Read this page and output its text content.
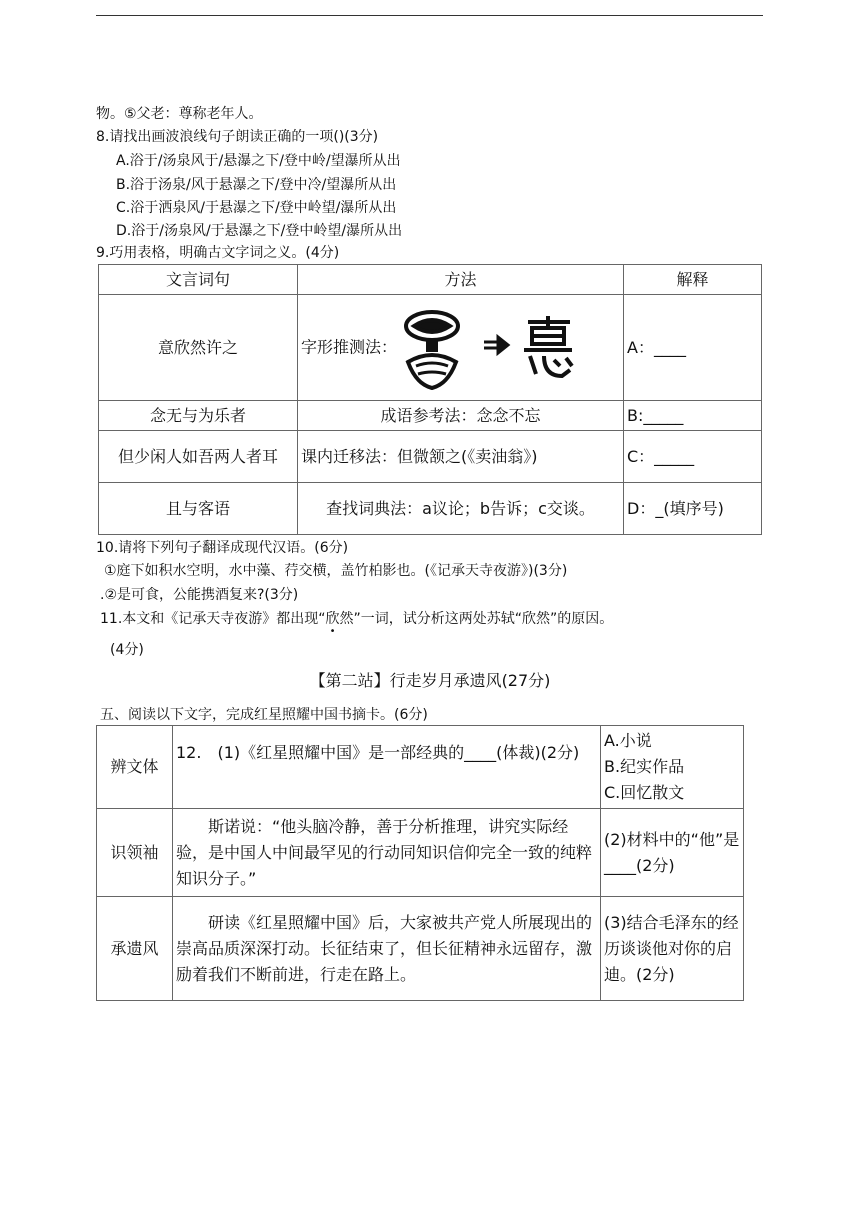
物。⑤父老：尊称老年人。
8.请找出画波浪线句子朗读正确的一项()(3分)
A.浴于/汤泉风于/悬瀑之下/登中岭/望瀑所从出
B.浴于汤泉/风于悬瀑之下/登中冷/望瀑所从出
C.浴于洒泉风/于悬瀑之下/登中岭望/瀑所从出
D.浴于/汤泉风/于悬瀑之下/登中岭望/瀑所从出
9.巧用表格，明确古文字词之义。(4分)
文言词句	方法	解释
意欣然许之	字形推测法：	A：____
念无与为乐者	成语参考法：念念不忘	B:_____
但少闲人如吾两人者耳	课内迁移法：但微颔之(《卖油翁》)	C：_____
且与客语	查找词典法：a议论；b告诉；c交谈。	D：_(填序号)
10.请将下列句子翻译成现代汉语。(6分)
①庭下如积水空明，水中藻、荇交横，盖竹柏影也。(《记承天寺夜游》)(3分)
.②是可食，公能携酒复来?(3分)
11.本文和《记承天寺夜游》都出现“欣然”一词，试分析这两处苏轼“欣然”的原因。
(4分)
【第二站】行走岁月承遗风(27分)
五、阅读以下文字，完成红星照耀中国书摘卡。(6分)
辨文体	12.　(1)《红星照耀中国》是一部经典的____(体裁)(2分)	A.小说
B.纪实作品
C.回忆散文

识领袖	斯诺说：“他头脑冷静，善于分析推理，讲究实际经验，是中国人中间最罕见的行动同知识信仰完全一致的纯粹知识分子。”	(2)材料中的“他”是____(2分)
承遗风	研读《红星照耀中国》后，大家被共产党人所展现出的崇高品质深深打动。长征结束了，但长征精神永远留存，激励着我们不断前进，行走在路上。	(3)结合毛泽东的经历谈谈他对你的启迪。(2分)
